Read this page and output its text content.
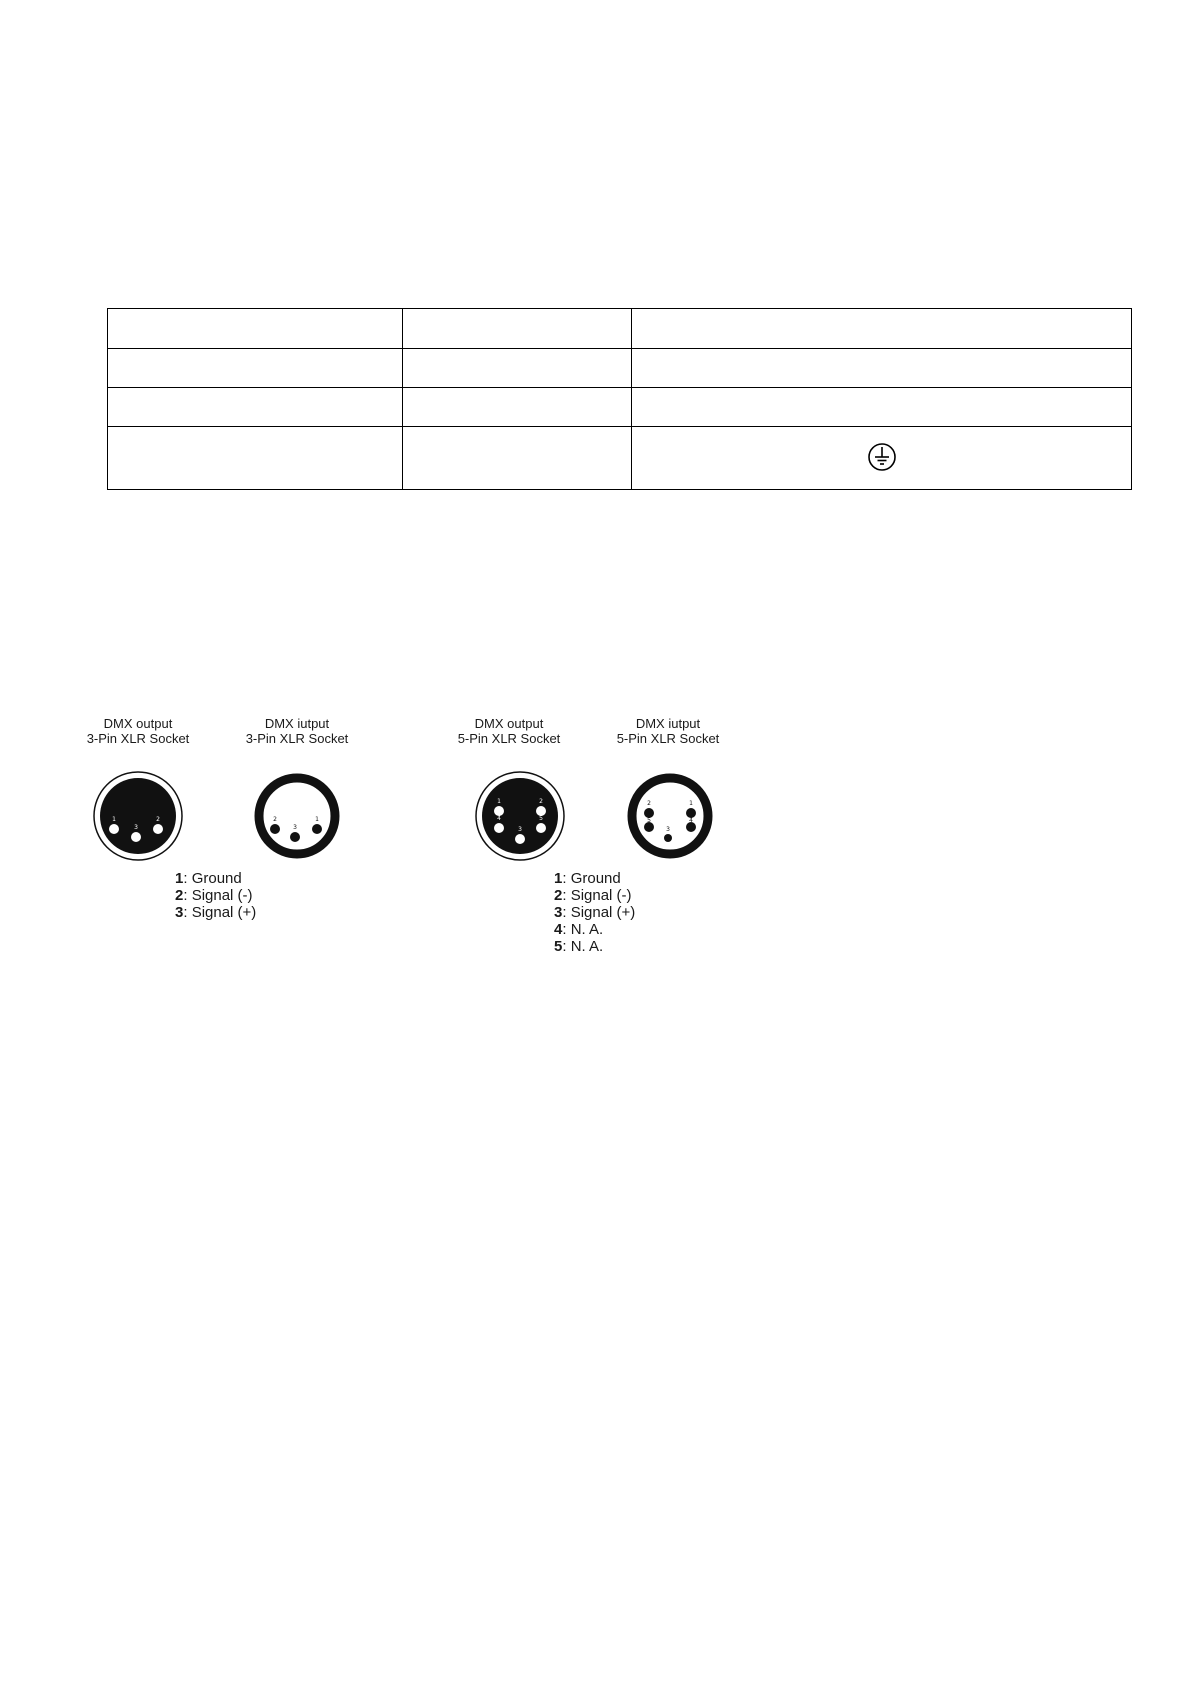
DMX output
3-Pin XLR Socket
DMX iutput
3-Pin XLR Socket
DMX output
5-Pin XLR Socket
DMX iutput
5-Pin XLR Socket
1
3
2	2
3
1
1	2
4	5
3
2	1
5	4
3
1: Ground
2: Signal (-)
3: Signal (+)
1: Ground
2: Signal (-)
3: Signal (+)
4: N. A.
5: N. A.
